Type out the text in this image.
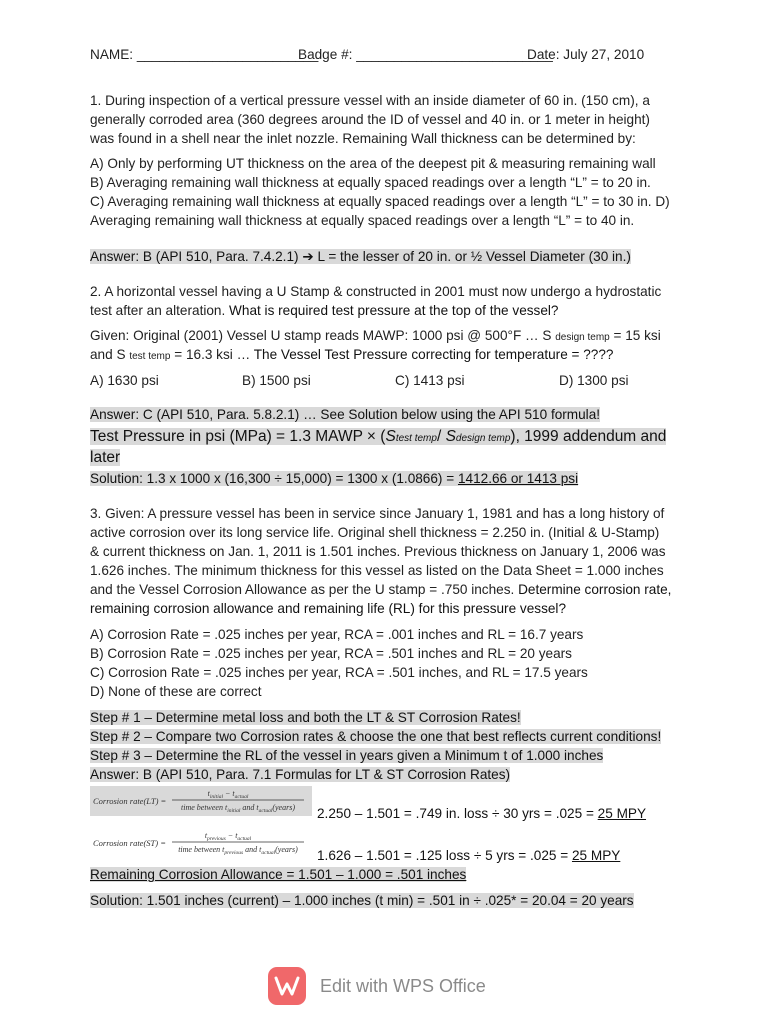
NAME: ________________________
Badge #: __________________________
Date: July 27, 2010
1. During inspection of a vertical pressure vessel with an inside diameter of 60 in. (150 cm), a
generally corroded area (360 degrees around the ID of vessel and 40 in. or 1 meter in height)
was found in a shell near the inlet nozzle. Remaining Wall thickness can be determined by:
A) Only by performing UT thickness on the area of the deepest pit & measuring remaining wall
B) Averaging remaining wall thickness at equally spaced readings over a length “L” = to 20 in.
C) Averaging remaining wall thickness at equally spaced readings over a length “L” = to 30 in. D)
Averaging remaining wall thickness at equally spaced readings over a length “L” = to 40 in.
Answer: B (API 510, Para. 7.4.2.1) ➔ L = the lesser of 20 in. or ½ Vessel Diameter (30 in.)
2. A horizontal vessel having a U Stamp & constructed in 2001 must now undergo a hydrostatic
test after an alteration. What is required test pressure at the top of the vessel?
Given: Original (2001) Vessel U stamp reads MAWP: 1000 psi @ 500°F … S design temp = 15 ksi
and S test temp = 16.3 ksi … The Vessel Test Pressure correcting for temperature = ????
A) 1630 psi	B) 1500 psi	C) 1413 psi	D) 1300 psi
Answer: C (API 510, Para. 5.8.2.1) … See Solution below using the API 510 formula!
Test Pressure in psi (MPa) = 1.3 MAWP × (Stest temp/ Sdesign temp), 1999 addendum and
later
Solution: 1.3 x 1000 x (16,300 ÷ 15,000) = 1300 x (1.0866) = 1412.66 or 1413 psi
3. Given: A pressure vessel has been in service since January 1, 1981 and has a long history of
active corrosion over its long service life. Original shell thickness = 2.250 in. (Initial & U-Stamp)
& current thickness on Jan. 1, 2011 is 1.501 inches. Previous thickness on January 1, 2006 was
1.626 inches. The minimum thickness for this vessel as listed on the Data Sheet = 1.000 inches
and the Vessel Corrosion Allowance as per the U stamp = .750 inches. Determine corrosion rate,
remaining corrosion allowance and remaining life (RL) for this pressure vessel?
A) Corrosion Rate = .025 inches per year, RCA = .001 inches and RL = 16.7 years
B) Corrosion Rate = .025 inches per year, RCA = .501 inches and RL = 20 years
C) Corrosion Rate = .025 inches per year, RCA = .501 inches, and RL = 17.5 years
D) None of these are correct
Step # 1 – Determine metal loss and both the LT & ST Corrosion Rates!
Step # 2 – Compare two Corrosion rates & choose the one that best reflects current conditions!
Step # 3 – Determine the RL of the vessel in years given a Minimum t of 1.000 inches
Answer: B (API 510, Para. 7.1 Formulas for LT & ST Corrosion Rates)
Corrosion rate(LT) =
$t_{initial} - t_{actual}$
time between $t_{initial}$ and $t_{actual}(years)$ 2.250 – 1.501 = .749 in. loss ÷ 30 yrs = .025 = 25 MPY
Corrosion rate(ST) =
$t_{previous} - t_{actual}$
time between $t_{previous}$ and $t_{actual}(years)$ 1.626 – 1.501 = .125 loss ÷ 5 yrs = .025 = 25 MPY
Remaining Corrosion Allowance = 1.501 – 1.000 = .501 inches
Solution: 1.501 inches (current) – 1.000 inches (t min) = .501 in ÷ .025* = 20.04 = 20 years
Edit with WPS Office
